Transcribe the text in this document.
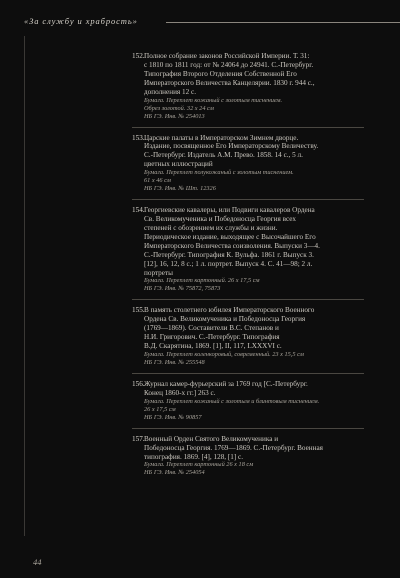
«За службу и храбрость»
152. Полное собрание законов Российской Империи. Т. 31:
с 1810 по 1811 год: от № 24064 до 24941. С.-Петербург.
Типография Второго Отделения Собственной Его
Императорского Величества Канцелярии. 1830 г. 944 с.,
дополнения 12 с.

Бумага. Переплет кожаный с золотым тиснением.
Обрез золотой. 32 х 24 см
НБ ГЭ. Инв. № 254013

153. Царские палаты в Императорском Зимнем дворце.
Издание, посвященное Его Императорскому Величеству.
С.-Петербург. Издатель А.М. Прево. 1858. 14 с., 5 л.
цветных иллюстраций

Бумага. Переплет полукожаный с золотым тиснением.
61 х 46 см
НБ ГЭ. Инв. № Шт. 12326

154. Георгиевские кавалеры, или Подвиги кавалеров Ордена
Св. Великомученика и Победоносца Георгия всех
степеней с обозрением их службы и жизни.
Периодическое издание, выходящее с Высочайшего Его
Императорского Величества соизволения. Выпуски 3—4.
С.-Петербург. Типография К. Вульфа. 1861 г. Выпуск 3.
[12], 16, 12, 8 с.; 1 л. портрет. Выпуск 4. С. 41—98; 2 л.
портреты

Бумага. Переплет картонный. 26 х 17,5 см
НБ ГЭ. Инв. № 75872, 75873

155. В память столетнего юбилея Императорского Военного
Ордена Св. Великомученика и Победоносца Георгия
(1769—1869). Составители В.С. Степанов и
Н.И. Григорович. С.-Петербург. Типография
В.Д. Скарятина, 1869. [1], II, 117, LXXXVI с.

Бумага. Переплет коленкоровый, современный. 23 х 15,5 см
НБ ГЭ. Инв. № 255548

156. Журнал камер-фурьерский за 1769 год [С.-Петербург.
Конец 1860-х гг.] 263 с.

Бумага. Переплет кожаный с золотым и блинтовым тиснением.
26 х 17,5 см
НБ ГЭ. Инв. № 90857

157. Военный Орден Святого Великомученика и
Победоносца Георгия. 1769—1869. С.-Петербург. Военная
типография. 1869. [4], 128, [1] с.

Бумага. Переплет картонный 26 х 18 см
НБ ГЭ. Инв. № 254054

44
